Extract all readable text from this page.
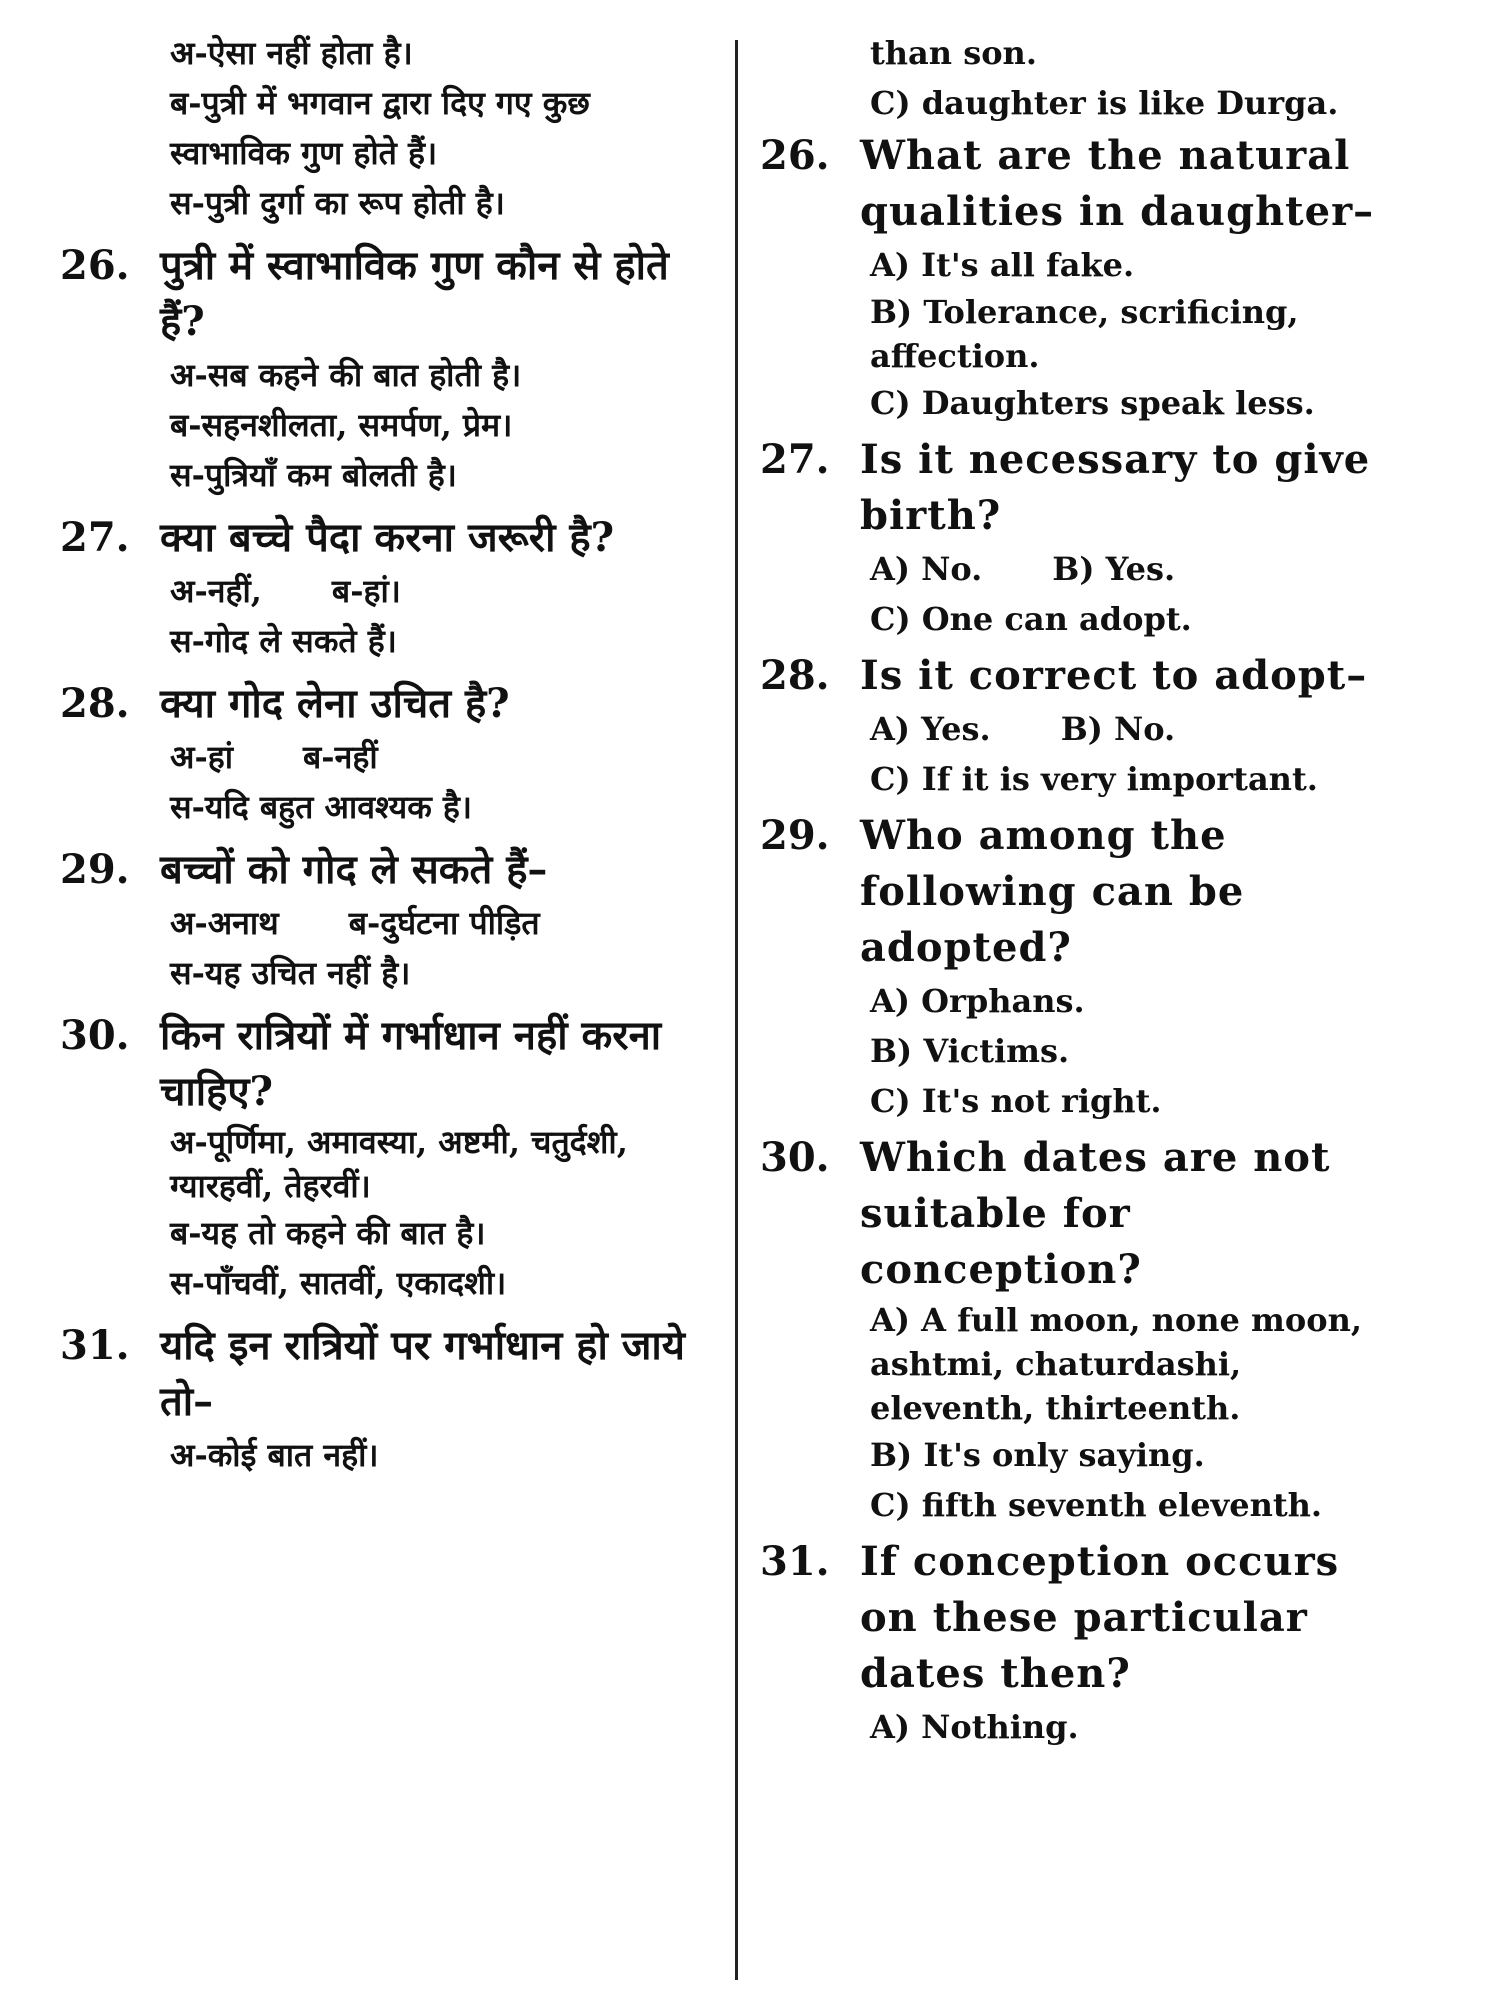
अ-ऐसा नहीं होता है।
ब-पुत्री में भगवान द्वारा दिए गए कुछ स्वाभाविक गुण होते हैं।
स-पुत्री दुर्गा का रूप होती है।
26. पुत्री में स्वाभाविक गुण कौन से होते हैं?
अ-सब कहने की बात होती है।
ब-सहनशीलता, समर्पण, प्रेम।
स-पुत्रियाँ कम बोलती है।
27. क्या बच्चे पैदा करना जरूरी है?
अ-नहीं, ब-हां।
स-गोद ले सकते हैं।
28. क्या गोद लेना उचित है?
अ-हां ब-नहीं
स-यदि बहुत आवश्यक है।
29. बच्चों को गोद ले सकते हैं–
अ-अनाथ ब-दुर्घटना पीड़ित
स-यह उचित नहीं है।
30. किन रात्रियों में गर्भाधान नहीं करना चाहिए?
अ-पूर्णिमा, अमावस्या, अष्टमी, चतुर्दशी, ग्यारहवीं, तेहरवीं।
ब-यह तो कहने की बात है।
स-पाँचवीं, सातवीं, एकादशी।
31. यदि इन रात्रियों पर गर्भाधान हो जाये तो–
अ-कोई बात नहीं।
than son.
C) daughter is like Durga.
26. What are the natural qualities in daughter–
A) It's all fake.
B) Tolerance, scrificing, affection.
C) Daughters speak less.
27. Is it necessary to give birth?
A) No. B) Yes.
C) One can adopt.
28. Is it correct to adopt–
A) Yes. B) No.
C) If it is very important.
29. Who among the following can be adopted?
A) Orphans.
B) Victims.
C) It's not right.
30. Which dates are not suitable for conception?
A) A full moon, none moon, ashtmi, chaturdashi, eleventh, thirteenth.
B) It's only saying.
C) fifth seventh eleventh.
31. If conception occurs on these particular dates then?
A) Nothing.
